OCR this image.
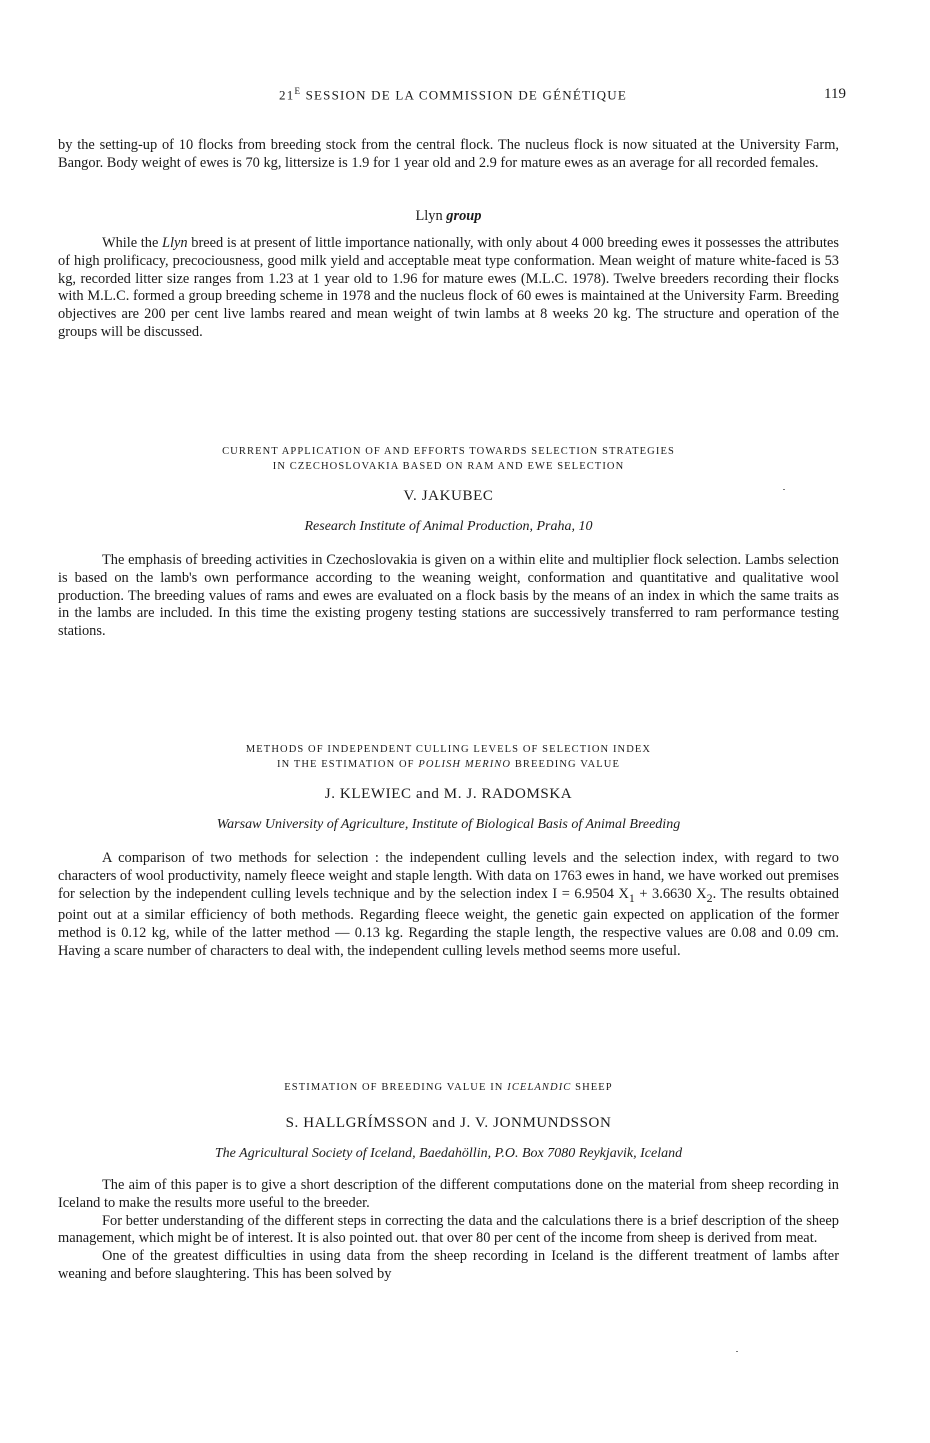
$21^E$ SESSION DE LA COMMISSION DE GÉNÉTIQUE	119

by the setting-up of 10 flocks from breeding stock from the central flock. The nucleus flock is now situated at the University Farm, Bangor. Body weight of ewes is 70 kg, littersize is 1.9 for 1 year old and 2.9 for mature ewes as an average for all recorded females.

Llyn group

While the Llyn breed is at present of little importance nationally, with only about 4 000 breeding ewes it possesses the attributes of high prolificacy, precociousness, good milk yield and acceptable meat type conformation. Mean weight of mature white-faced is 53 kg, recorded litter size ranges from 1.23 at 1 year old to 1.96 for mature ewes (M.L.C. 1978). Twelve breeders recording their flocks with M.L.C. formed a group breeding scheme in 1978 and the nucleus flock of 60 ewes is maintained at the University Farm. Breeding objectives are 200 per cent live lambs reared and mean weight of twin lambs at 8 weeks 20 kg. The structure and operation of the groups will be discussed.

CURRENT APPLICATION OF AND EFFORTS TOWARDS SELECTION STRATEGIES
IN CZECHOSLOVAKIA BASED ON RAM AND EWE SELECTION
V. JAKUBEC
Research Institute of Animal Production, Praha, 10

The emphasis of breeding activities in Czechoslovakia is given on a within elite and multiplier flock selection. Lambs selection is based on the lamb's own performance according to the weaning weight, conformation and quantitative and qualitative wool production. The breeding values of rams and ewes are evaluated on a flock basis by the means of an index in which the same traits as in the lambs are included. In this time the existing progeny testing stations are successively transferred to ram performance testing stations.

METHODS OF INDEPENDENT CULLING LEVELS OF SELECTION INDEX
IN THE ESTIMATION OF POLISH MERINO BREEDING VALUE
J. KLEWIEC and M. J. RADOMSKA
Warsaw University of Agriculture, Institute of Biological Basis of Animal Breeding

A comparison of two methods for selection : the independent culling levels and the selection index, with regard to two characters of wool productivity, namely fleece weight and staple length. With data on 1763 ewes in hand, we have worked out premises for selection by the independent culling levels technique and by the selection index I = 6.9504 $X_1 + 3.6630$ $X_2$. The results obtained point out at a similar efficiency of both methods. Regarding fleece weight, the genetic gain expected on application of the former method is 0.12 kg, while of the latter method — 0.13 kg. Regarding the staple length, the respective values are 0.08 and 0.09 cm. Having a scare number of characters to deal with, the independent culling levels method seems more useful.

ESTIMATION OF BREEDING VALUE IN ICELANDIC SHEEP
S. HALLGRÍMSSON and J. V. JONMUNDSSON
The Agricultural Society of Iceland, Baedahöllin, P.O. Box 7080 Reykjavik, Iceland

The aim of this paper is to give a short description of the different computations done on the material from sheep recording in Iceland to make the results more useful to the breeder.

For better understanding of the different steps in correcting the data and the calculations there is a brief description of the sheep management, which might be of interest. It is also pointed out. that over 80 per cent of the income from sheep is derived from meat.

One of the greatest difficulties in using data from the sheep recording in Iceland is the different treatment of lambs after weaning and before slaughtering. This has been solved by
